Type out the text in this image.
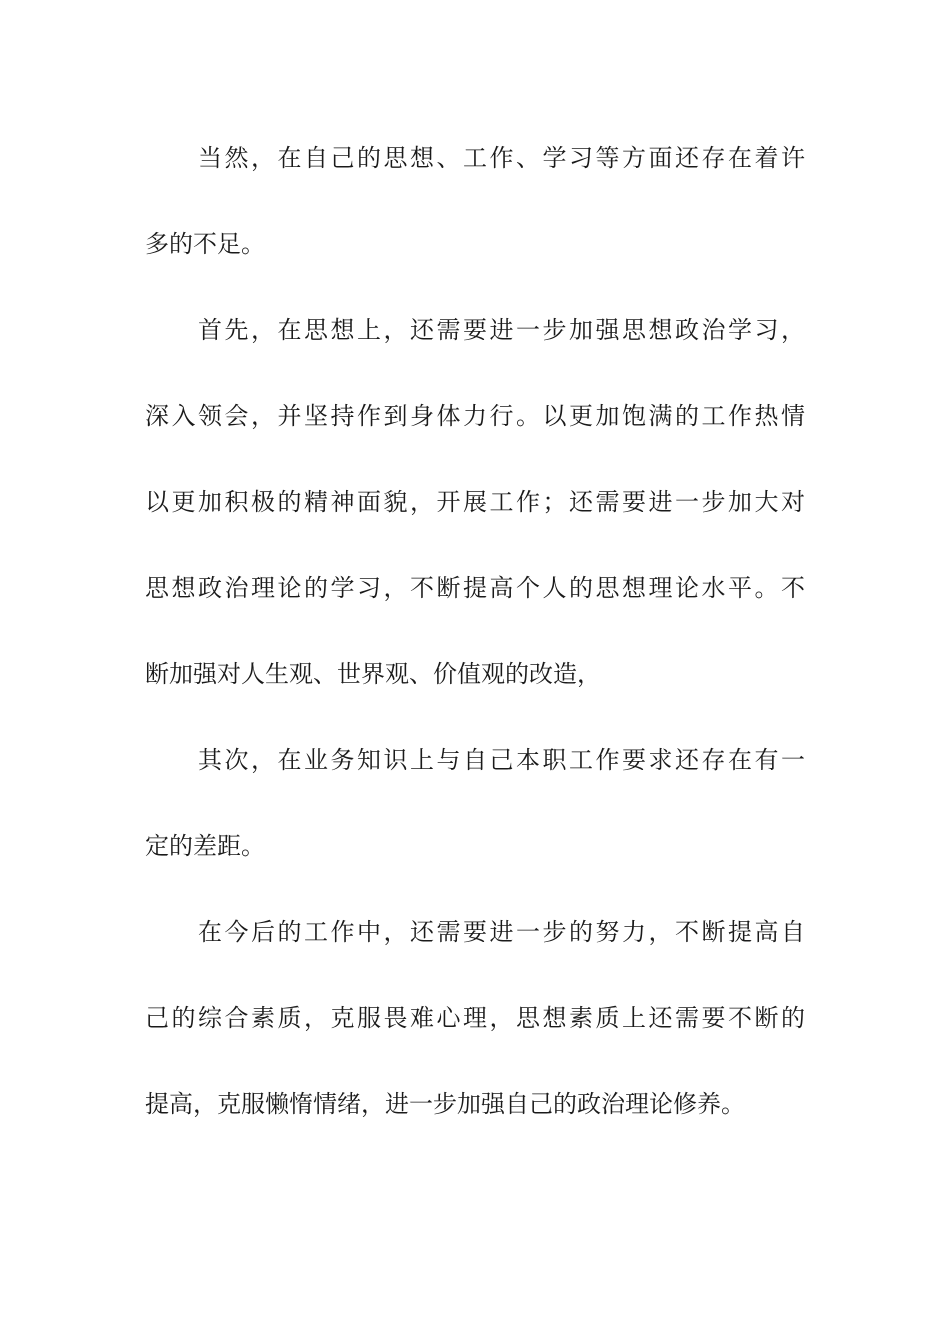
当然，在自己的思想、工作、学习等方面还存在着许
多的不足。
首先，在思想上，还需要进一步加强思想政治学习，
深入领会，并坚持作到身体力行。以更加饱满的工作热情
以更加积极的精神面貌，开展工作；还需要进一步加大对
思想政治理论的学习，不断提高个人的思想理论水平。不
断加强对人生观、世界观、价值观的改造，
其次，在业务知识上与自己本职工作要求还存在有一
定的差距。
在今后的工作中，还需要进一步的努力，不断提高自
己的综合素质，克服畏难心理，思想素质上还需要不断的
提高，克服懒惰情绪，进一步加强自己的政治理论修养。
